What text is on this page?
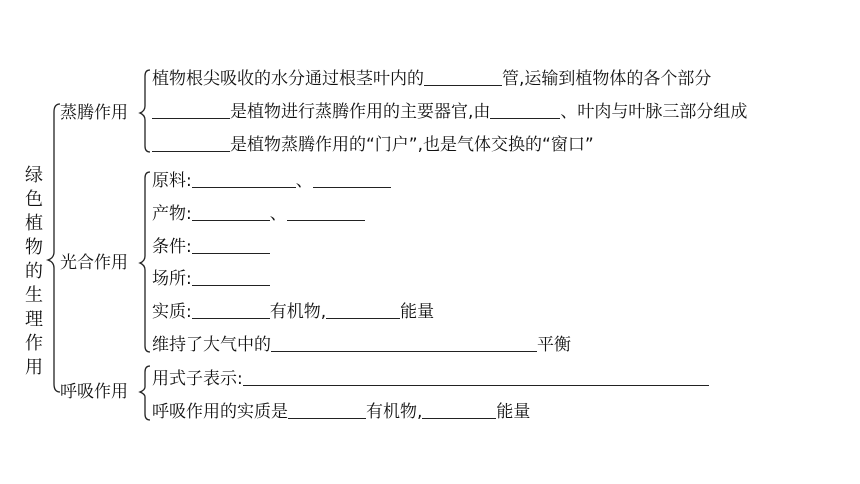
绿色植物的生理作用
蒸腾作用
光合作用
呼吸作用
植物根尖吸收的水分通过根茎叶内的	管,运输到植物体的各个部分
是植物进行蒸腾作用的主要器官,由	、叶肉与叶脉三部分组成
是植物蒸腾作用的“门户”,也是气体交换的“窗口”
原料:	、
产物:	、
条件:
场所:
实质:	有机物,	能量
维持了大气中的	平衡
用式子表示:
呼吸作用的实质是	有机物,	能量
